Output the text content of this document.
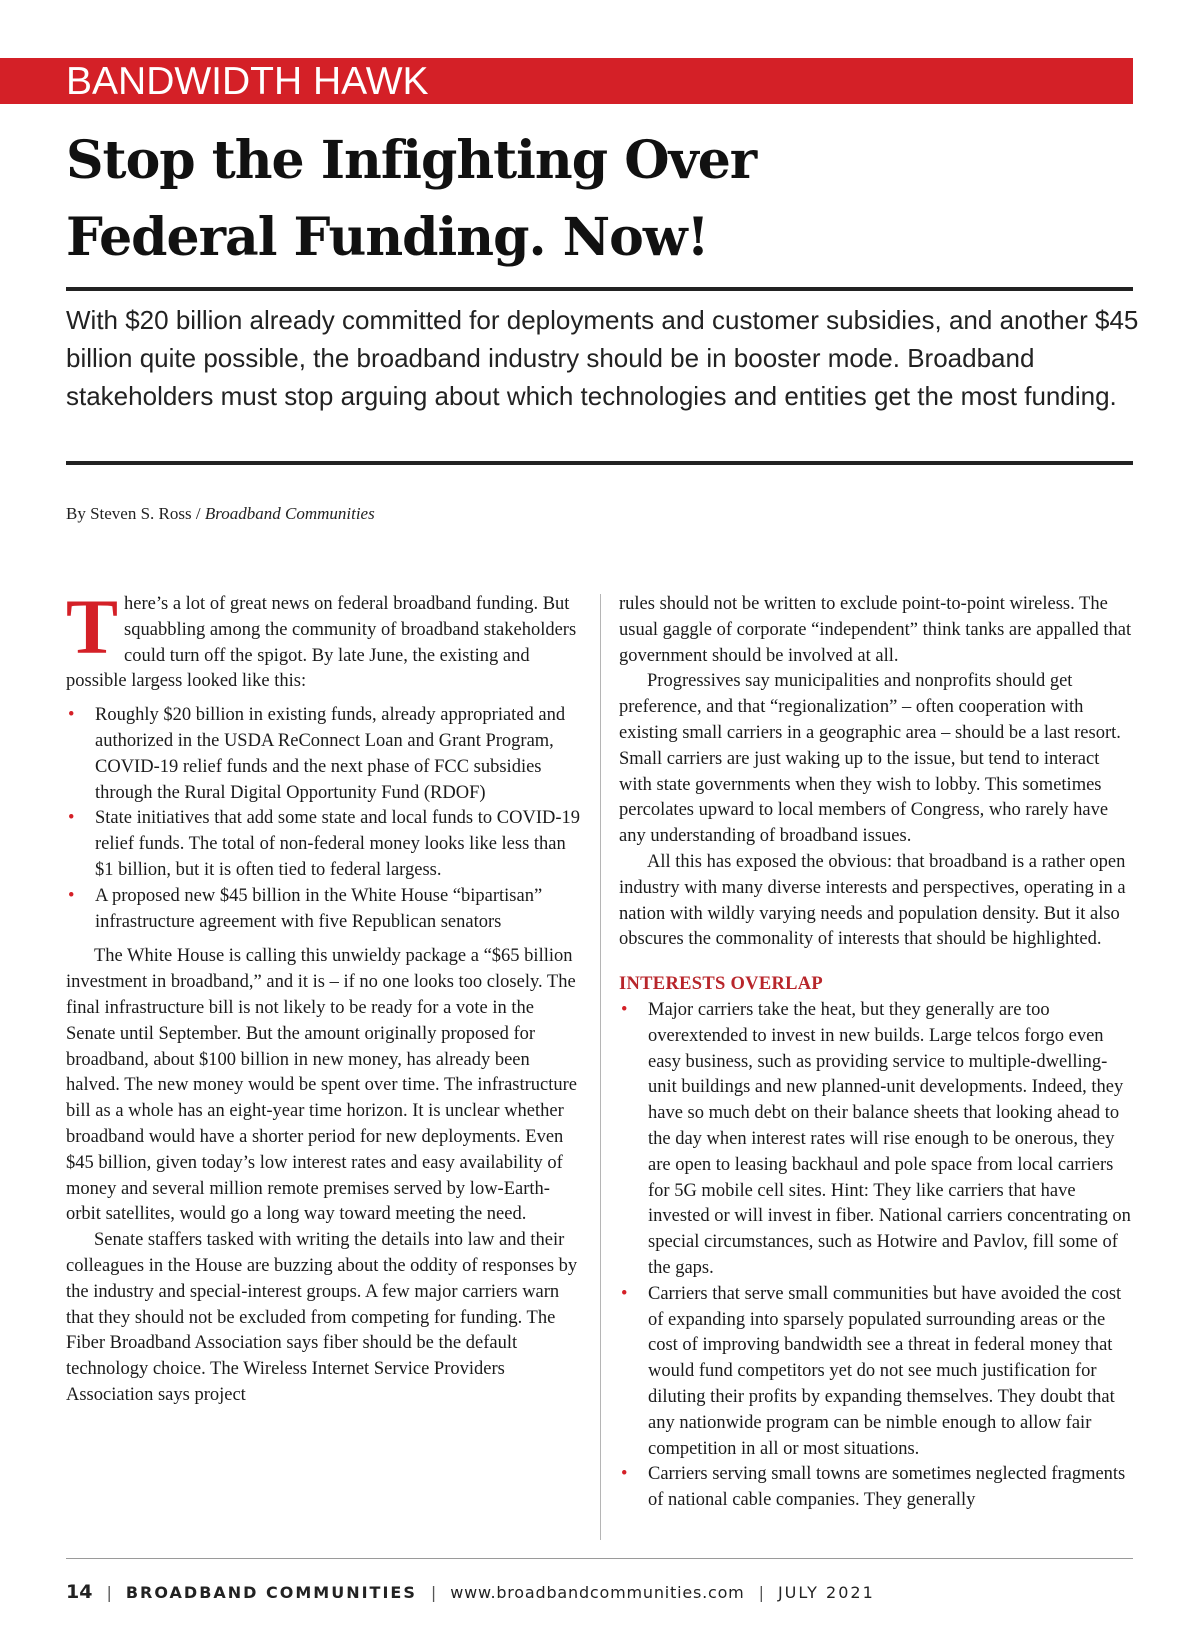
BANDWIDTH HAWK
Stop the Infighting Over
Federal Funding. Now!

With $20 billion already committed for deployments and customer subsidies, and another $45 billion quite possible, the broadband industry should be in booster mode. Broadband stakeholders must stop arguing about which technologies and entities get the most funding.

By Steven S. Ross / Broadband Communities

There’s a lot of great news on federal broadband funding. But squabbling among the community of broadband stakeholders could turn off the spigot. By late June, the existing and possible largess looked like this:

• Roughly $20 billion in existing funds, already appropriated and authorized in the USDA ReConnect Loan and Grant Program, COVID-19 relief funds and the next phase of FCC subsidies through the Rural Digital Opportunity Fund (RDOF)
• State initiatives that add some state and local funds to COVID-19 relief funds. The total of non-federal money looks like less than $1 billion, but it is often tied to federal largess.
• A proposed new $45 billion in the White House “bipartisan” infrastructure agreement with five Republican senators

The White House is calling this unwieldy package a “$65 billion investment in broadband,” and it is – if no one looks too closely. The final infrastructure bill is not likely to be ready for a vote in the Senate until September. But the amount originally proposed for broadband, about $100 billion in new money, has already been halved. The new money would be spent over time. The infrastructure bill as a whole has an eight-year time horizon. It is unclear whether broadband would have a shorter period for new deployments. Even $45 billion, given today’s low interest rates and easy availability of money and several million remote premises served by low-Earth-orbit satellites, would go a long way toward meeting the need.

Senate staffers tasked with writing the details into law and their colleagues in the House are buzzing about the oddity of responses by the industry and special-interest groups. A few major carriers warn that they should not be excluded from competing for funding. The Fiber Broadband Association says fiber should be the default technology choice. The Wireless Internet Service Providers Association says project

rules should not be written to exclude point-to-point wireless. The usual gaggle of corporate “independent” think tanks are appalled that government should be involved at all.

Progressives say municipalities and nonprofits should get preference, and that “regionalization” – often cooperation with existing small carriers in a geographic area – should be a last resort. Small carriers are just waking up to the issue, but tend to interact with state governments when they wish to lobby. This sometimes percolates upward to local members of Congress, who rarely have any understanding of broadband issues.

All this has exposed the obvious: that broadband is a rather open industry with many diverse interests and perspectives, operating in a nation with wildly varying needs and population density. But it also obscures the commonality of interests that should be highlighted.

INTERESTS OVERLAP
• Major carriers take the heat, but they generally are too overextended to invest in new builds. Large telcos forgo even easy business, such as providing service to multiple-dwelling-unit buildings and new planned-unit developments. Indeed, they have so much debt on their balance sheets that looking ahead to the day when interest rates will rise enough to be onerous, they are open to leasing backhaul and pole space from local carriers for 5G mobile cell sites. Hint: They like carriers that have invested or will invest in fiber. National carriers concentrating on special circumstances, such as Hotwire and Pavlov, fill some of the gaps.
• Carriers that serve small communities but have avoided the cost of expanding into sparsely populated surrounding areas or the cost of improving bandwidth see a threat in federal money that would fund competitors yet do not see much justification for diluting their profits by expanding themselves. They doubt that any nationwide program can be nimble enough to allow fair competition in all or most situations.
• Carriers serving small towns are sometimes neglected fragments of national cable companies. They generally
14 | BROADBAND COMMUNITIES | www.broadbandcommunities.com | JULY 2021
